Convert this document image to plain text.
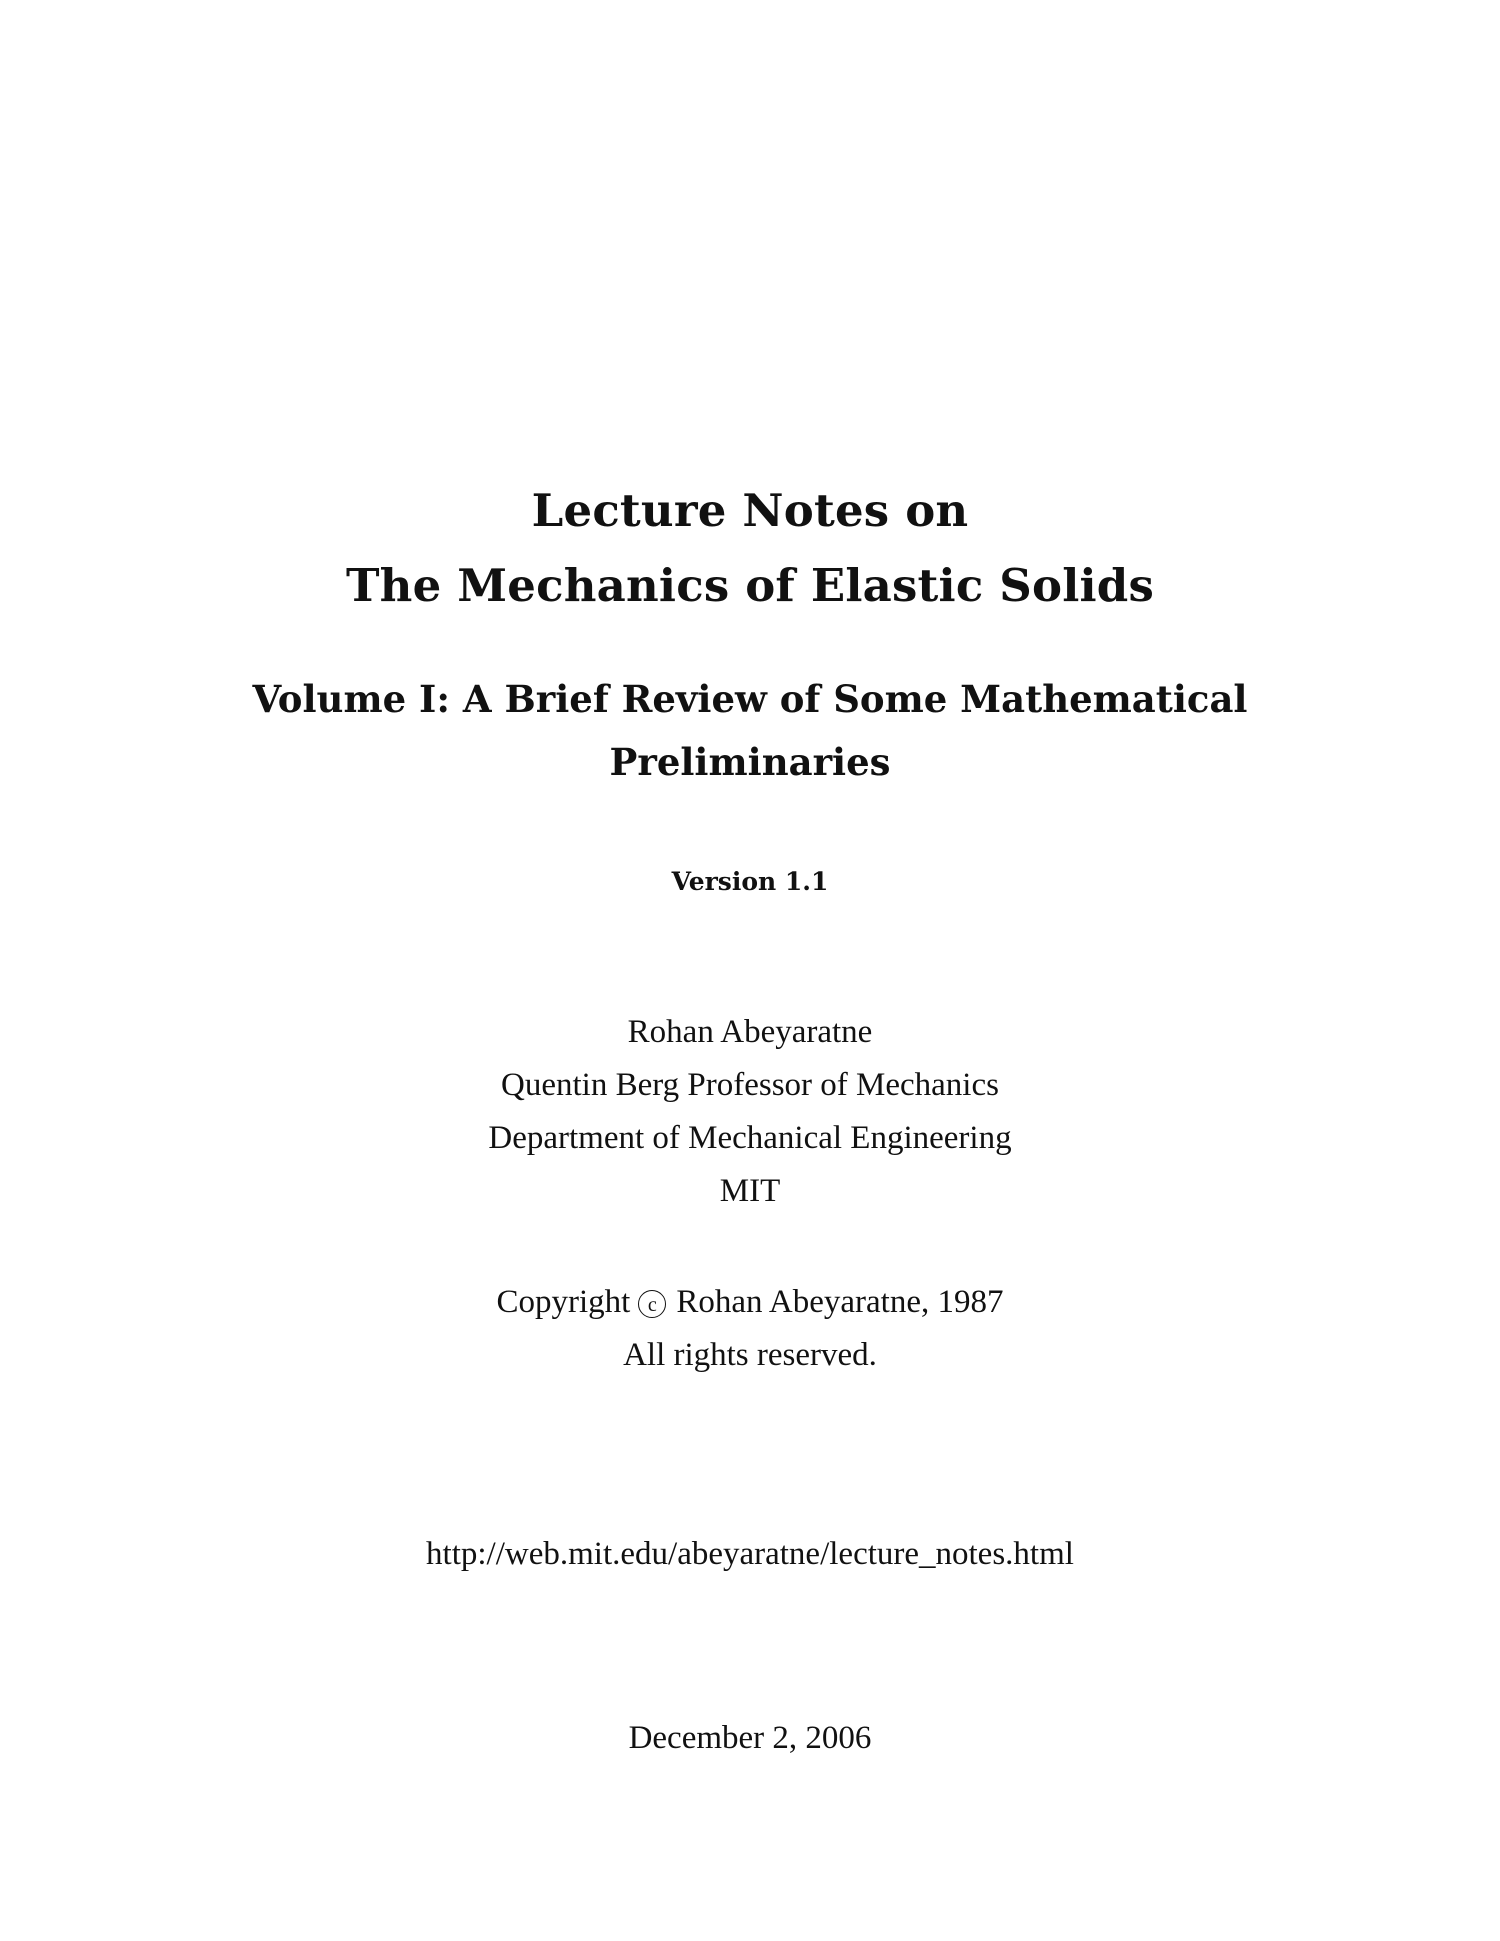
Lecture Notes on
The Mechanics of Elastic Solids
Volume I: A Brief Review of Some Mathematical
Preliminaries
Version 1.1
Rohan Abeyaratne
Quentin Berg Professor of Mechanics
Department of Mechanical Engineering
MIT
Copyright c Rohan Abeyaratne, 1987
All rights reserved.
http://web.mit.edu/abeyaratne/lecture_notes.html
December 2, 2006
